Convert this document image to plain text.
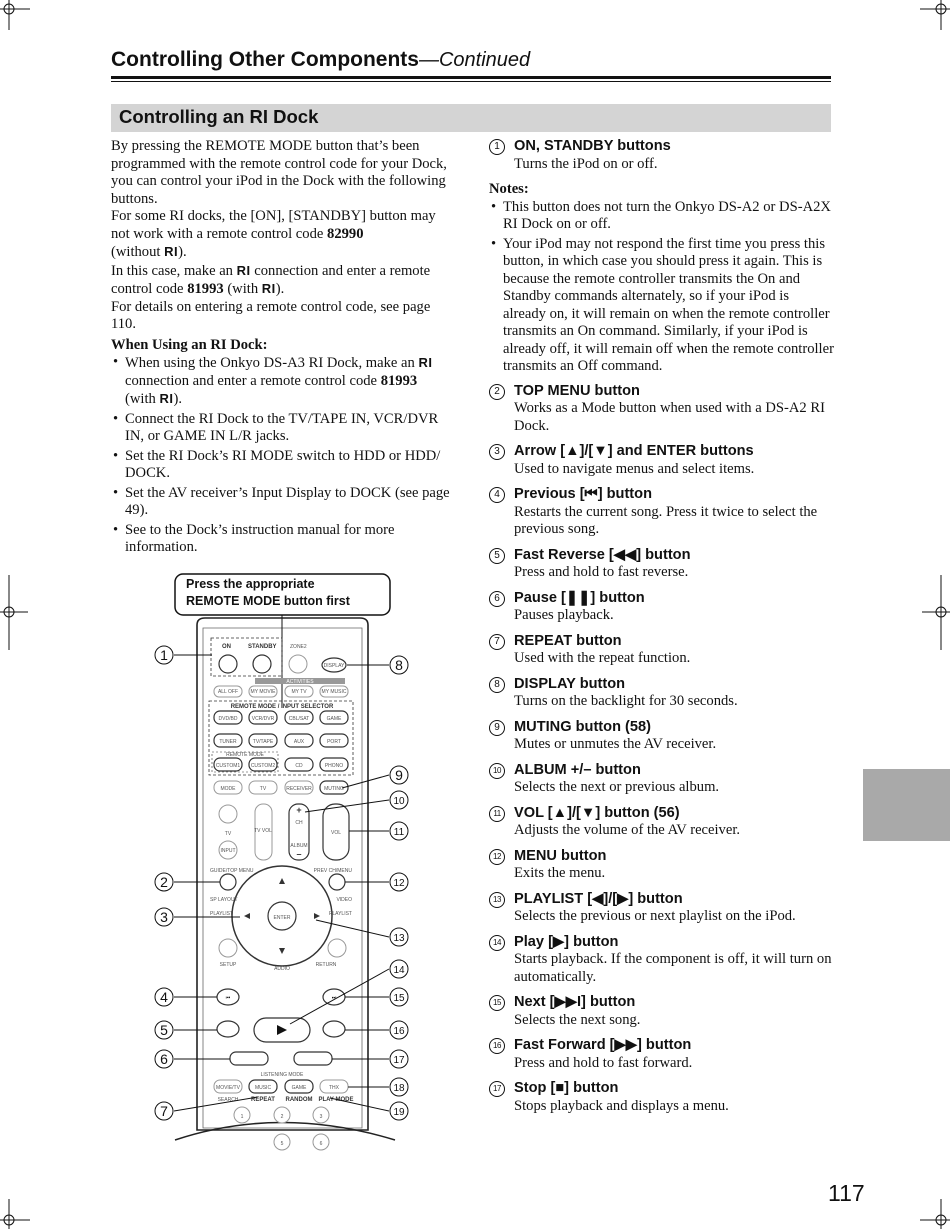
Controlling Other Components—Continued
Controlling an RI Dock

By pressing the REMOTE MODE button that’s been programmed with the remote control code for your Dock, you can control your iPod in the Dock with the following buttons.

For some RI docks, the [ON], [STANDBY] button may not work with a remote control code 82990
(without RI).

In this case, make an RI connection and enter a remote control code 81993 (with RI).

For details on entering a remote control code, see page 110.

When Using an RI Dock:

• When using the Onkyo DS-A3 RI Dock, make an RI connection and enter a remote control code 81993
(with RI).
• Connect the RI Dock to the TV/TAPE IN, VCR/DVR IN, or GAME IN L/R jacks.
• Set the RI Dock’s RI MODE switch to HDD or HDD/ DOCK.
• Set the AV receiver’s Input Display to DOCK (see page 49).
• See to the Dock’s instruction manual for more information.
Press the appropriate
REMOTE MODE button first
ON	STANDBY	ZONE2
DISPLAY
ACTIVITIES
ALL OFF MY MOVIE	MY TV	MY MUSIC
REMOTE MODE / INPUT SELECTOR
DVD/BD	VCR/DVR	CBL/SAT	GAME
TUNER	TV/TAPE	AUX	PORT
REMOTE MODE
CUSTOM1 CUSTOM2	CD	PHONO
MODE	TV	RECEIVER MUTING
TV
INPUT
TV VOL
+
CH
ALBUM
–
VOL
GUIDE/TOP MENU	PREV CH/MENU
ENTER
SP LAYOUT	VIDEO
PLAYLIST	PLAYLIST
SETUP
AUDIO
RETURN
⏮	⏭
LISTENING MODE
MOVIE/TV	MUSIC	GAME	THX
SEARCH REPEAT RANDOM PLAY MODE
1	2	3
5	6
1
8
9
10
11
2	12
3
13
14
4	15
5	16
6	17
18
7	19
1 ON, STANDBY buttons
Turns the iPod on or off.

Notes:

• This button does not turn the Onkyo DS-A2 or DS-A2X RI Dock on or off.
• Your iPod may not respond the first time you press this button, in which case you should press it again. This is because the remote controller transmits the On and Standby commands alternately, so if your iPod is already on, it will remain on when the remote controller transmits an On command. Similarly, if your iPod is already off, it will remain off when the remote controller transmits an Off command.
2 TOP MENU button
Works as a Mode button when used with a DS-A2 RI Dock.
3 Arrow [▲]/[▼] and ENTER buttons
Used to navigate menus and select items.
4 Previous [⏮] button
Restarts the current song. Press it twice to select the previous song.
5 Fast Reverse [◀◀] button
Press and hold to fast reverse.
6 Pause [❚❚] button
Pauses playback.
7 REPEAT button
Used with the repeat function.
8 DISPLAY button
Turns on the backlight for 30 seconds.
9 MUTING button (58)
Mutes or unmutes the AV receiver.
10 ALBUM +/– button
Selects the next or previous album.
11 VOL [▲]/[▼] button (56)
Adjusts the volume of the AV receiver.
12 MENU button
Exits the menu.
13 PLAYLIST [◀]/[▶] button
Selects the previous or next playlist on the iPod.
14 Play [▶] button
Starts playback. If the component is off, it will turn on automatically.
15 Next [▶▶I] button
Selects the next song.
16 Fast Forward [▶▶] button
Press and hold to fast forward.
17 Stop [■] button
Stops playback and displays a menu.
117
